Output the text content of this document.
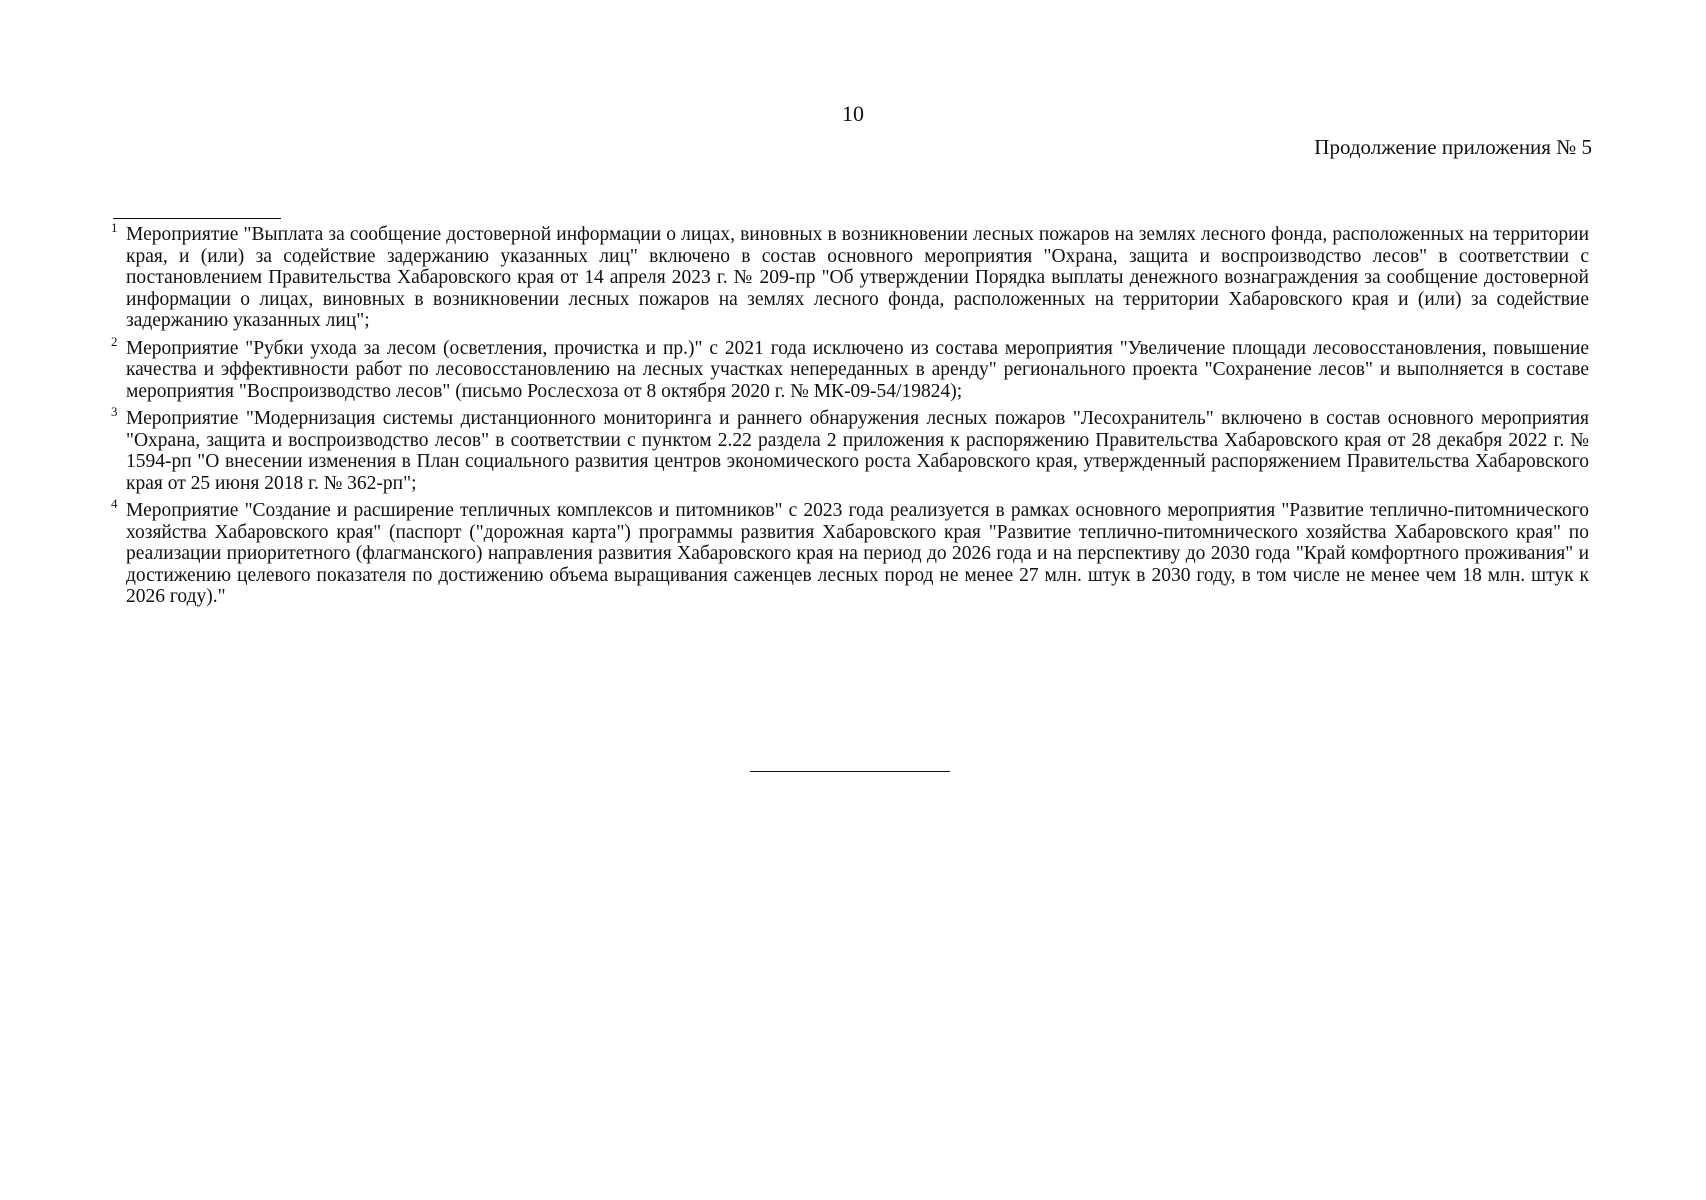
10
Продолжение приложения № 5
1 Мероприятие "Выплата за сообщение достоверной информации о лицах, виновных в возникновении лесных пожаров на землях лесного фонда, расположенных на территории края, и (или) за содействие задержанию указанных лиц" включено в состав основного мероприятия "Охрана, защита и воспроизводство лесов" в соответствии с постановлением Правительства Хабаровского края от 14 апреля 2023 г. № 209-пр "Об утверждении Порядка выплаты денежного вознаграждения за сообщение достоверной информации о лицах, виновных в возникновении лесных пожаров на землях лесного фонда, расположенных на территории Хабаровского края и (или) за содействие задержанию указанных лиц";
2 Мероприятие "Рубки ухода за лесом (осветления, прочистка и пр.)" с 2021 года исключено из состава мероприятия "Увеличение площади лесовосстановления, повышение качества и эффективности работ по лесовосстановлению на лесных участках непереданных в аренду" регионального проекта "Сохранение лесов" и выполняется в составе мероприятия "Воспроизводство лесов" (письмо Рослесхоза от 8 октября 2020 г. № МК-09-54/19824);
3 Мероприятие "Модернизация системы дистанционного мониторинга и раннего обнаружения лесных пожаров "Лесохранитель" включено в состав основного мероприятия "Охрана, защита и воспроизводство лесов" в соответствии с пунктом 2.22 раздела 2 приложения к распоряжению Правительства Хабаровского края от 28 декабря 2022 г. № 1594-рп "О внесении изменения в План социального развития центров экономического роста Хабаровского края, утвержденный распоряжением Правительства Хабаровского края от 25 июня 2018 г. № 362-рп";
4 Мероприятие "Создание и расширение тепличных комплексов и питомников" с 2023 года реализуется в рамках основного мероприятия "Развитие теплично-питомнического хозяйства Хабаровского края" (паспорт ("дорожная карта") программы развития Хабаровского края "Развитие теплично-питомнического хозяйства Хабаровского края" по реализации приоритетного (флагманского) направления развития Хабаровского края на период до 2026 года и на перспективу до 2030 года "Край комфортного проживания" и достижению целевого показателя по достижению объема выращивания саженцев лесных пород не менее 27 млн. штук в 2030 году, в том числе не менее чем 18 млн. штук к 2026 году)."
